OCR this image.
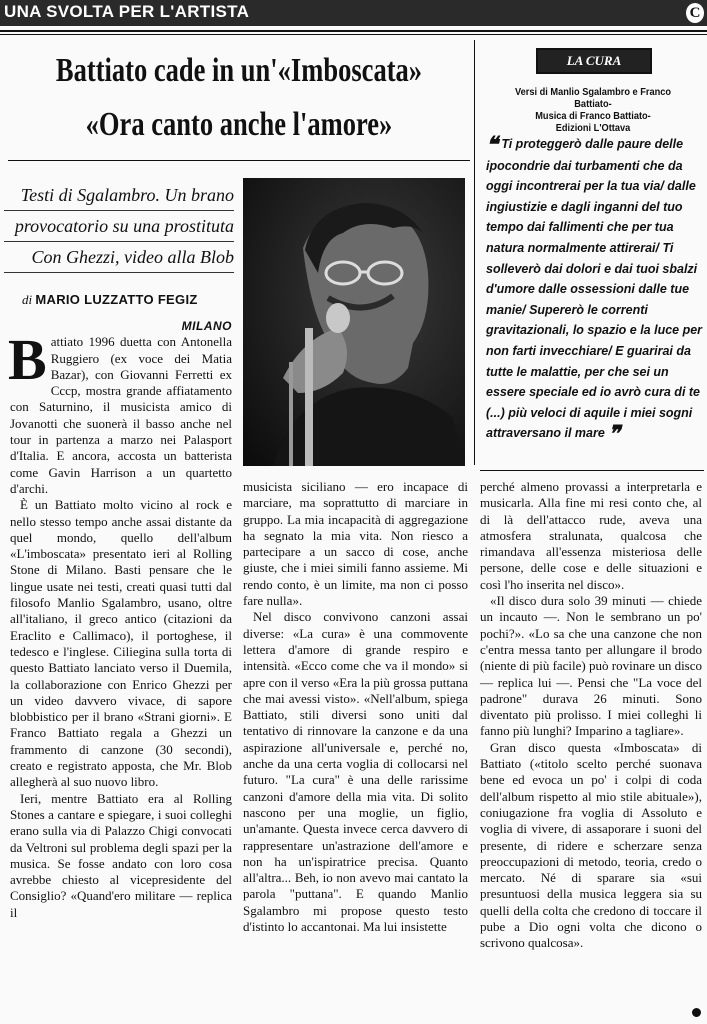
UNA SVOLTA PER L'ARTISTA	C
Battiato cade in un'«Imboscata»
«Ora canto anche l'amore»
Testi di Sgalambro. Un brano
provocatorio su una prostituta
Con Ghezzi, video alla Blob
di MARIO LUZZATTO FEGIZ
MILANO

Battiato 1996 duetta con Antonella Ruggiero (ex voce dei Matia Bazar), con Giovanni Ferretti ex Cccp, mostra grande affiatamento con Saturnino, il musicista amico di Jovanotti che suonerà il basso anche nel tour in partenza a marzo nei Palasport d'Italia. E ancora, accosta un batterista come Gavin Harrison a un quartetto d'archi.

È un Battiato molto vicino al rock e nello stesso tempo anche assai distante da quel mondo, quello dell'album «L'imboscata» presentato ieri al Rolling Stone di Milano. Basti pensare che le lingue usate nei testi, creati quasi tutti dal filosofo Manlio Sgalambro, usano, oltre all'italiano, il greco antico (citazioni da Eraclito e Callimaco), il portoghese, il tedesco e l'inglese. Ciliegina sulla torta di questo Battiato lanciato verso il Duemila, la collaborazione con Enrico Ghezzi per un video davvero vivace, di sapore blobbistico per il brano «Strani giorni». E Franco Battiato regala a Ghezzi un frammento di canzone (30 secondi), creato e registrato apposta, che Mr. Blob allegherà al suo nuovo libro.

Ieri, mentre Battiato era al Rolling Stones a cantare e spiegare, i suoi colleghi erano sulla via di Palazzo Chigi convocati da Veltroni sul problema degli spazi per la musica. Se fosse andato con loro cosa avrebbe chiesto al vicepresidente del Consiglio? «Quand'ero militare — replica il

musicista siciliano — ero incapace di marciare, ma soprattutto di marciare in gruppo. La mia incapacità di aggregazione ha segnato la mia vita. Non riesco a partecipare a un sacco di cose, anche giuste, che i miei simili fanno assieme. Mi rendo conto, è un limite, ma non ci posso fare nulla».

Nel disco convivono canzoni assai diverse: «La cura» è una commovente lettera d'amore di grande respiro e intensità. «Ecco come che va il mondo» si apre con il verso «Era la più grossa puttana che mai avessi visto». «Nell'album, spiega Battiato, stili diversi sono uniti dal tentativo di rinnovare la canzone e da una aspirazione all'universale e, perché no, anche da una certa voglia di collocarsi nel futuro. "La cura" è una delle rarissime canzoni d'amore della mia vita. Di solito nascono per una moglie, un figlio, un'amante. Questa invece cerca davvero di rappresentare un'astrazione dell'amore e non ha un'ispiratrice precisa. Quanto all'altra... Beh, io non avevo mai cantato la parola "puttana". E quando Manlio Sgalambro mi propose questo testo d'istinto lo accantonai. Ma lui insistette

perché almeno provassi a interpretarla e musicarla. Alla fine mi resi conto che, al di là dell'attacco rude, aveva una atmosfera stralunata, qualcosa che rimandava all'essenza misteriosa delle persone, delle cose e delle situazioni e così l'ho inserita nel disco».

«Il disco dura solo 39 minuti — chiede un incauto —. Non le sembrano un po' pochi?». «Lo sa che una canzone che non c'entra messa tanto per allungare il brodo (niente di più facile) può rovinare un disco — replica lui —. Pensi che "La voce del padrone" durava 26 minuti. Sono diventato più prolisso. I miei colleghi li fanno più lunghi? Imparino a tagliare».

Gran disco questa «Imboscata» di Battiato («titolo scelto perché suonava bene ed evoca un po' i colpi di coda dell'album rispetto al mio stile abituale»), coniugazione fra voglia di Assoluto e voglia di vivere, di assaporare i suoni del presente, di ridere e scherzare senza preoccupazioni di metodo, teoria, credo o mercato. Né di sparare sia «sui presuntuosi della musica leggera sia su quelli della colta che credono di toccare il pube a Dio ogni volta che dicono o scrivono qualcosa».

LA CURA
Versi di Manlio Sgalambro e Franco Battiato-
Musica di Franco Battiato-
Edizioni L'Ottava
❝ Ti proteggerò dalle paure delle ipocondrie dai turbamenti che da oggi incontrerai per la tua via/ dalle ingiustizie e dagli inganni del tuo tempo dai fallimenti che per tua natura normalmente attirerai/ Ti solleverò dai dolori e dai tuoi sbalzi d'umore dalle ossessioni dalle tue manie/ Supererò le correnti gravitazionali, lo spazio e la luce per non farti invecchiare/ E guarirai da tutte le malattie, per che sei un essere speciale ed io avrò cura di te (...) più veloci di aquile i miei sogni attraversano il mare ❞
